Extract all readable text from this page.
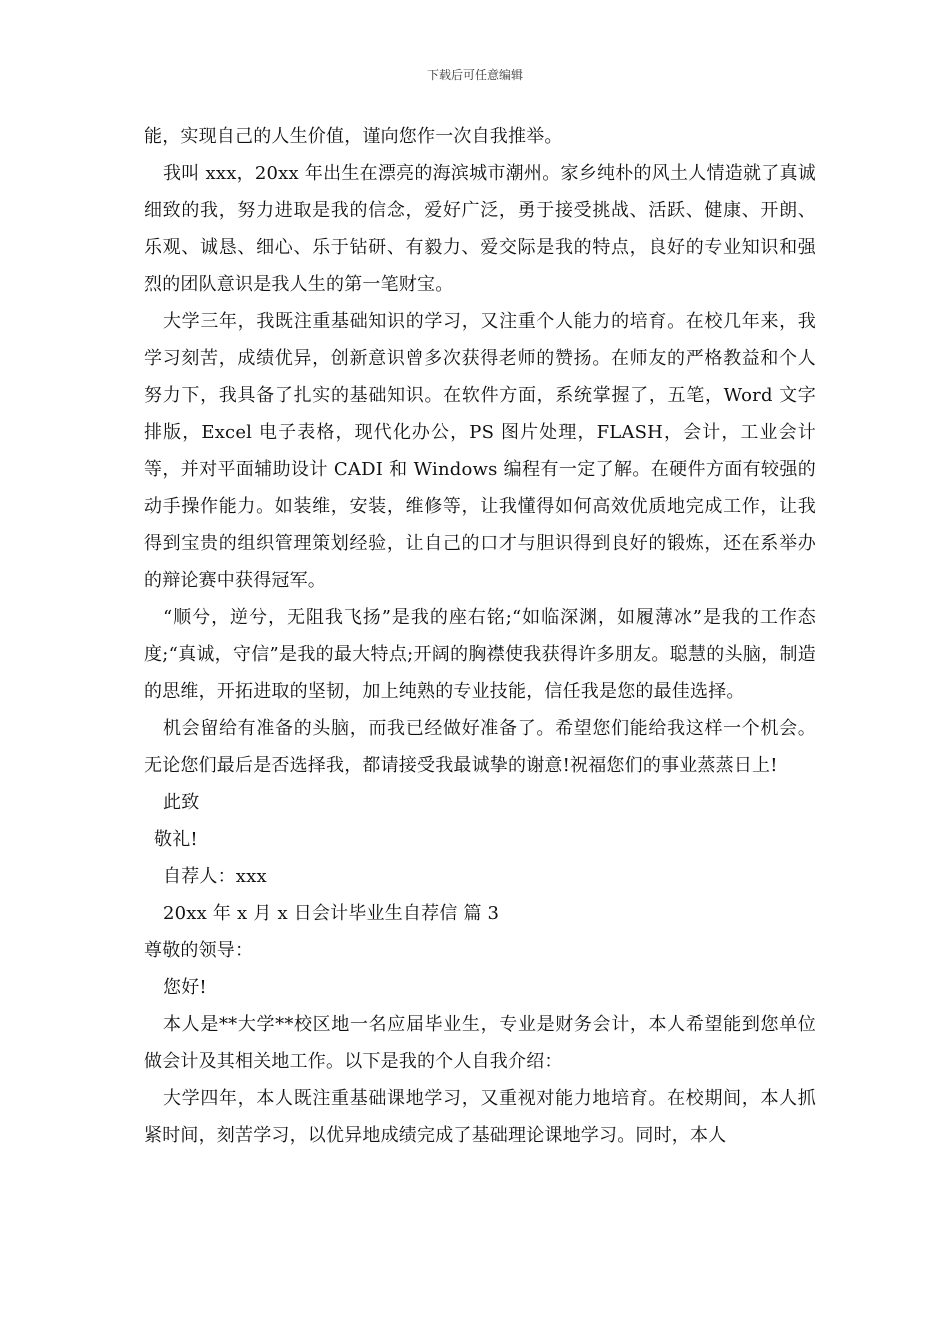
下载后可任意编辑

能，实现自己的人生价值，谨向您作一次自我推举。

我叫 xxx，20xx 年出生在漂亮的海滨城市潮州。家乡纯朴的风土人情造就了真诚细致的我，努力进取是我的信念，爱好广泛，勇于接受挑战、活跃、健康、开朗、乐观、诚恳、细心、乐于钻研、有毅力、爱交际是我的特点，良好的专业知识和强烈的团队意识是我人生的第一笔财宝。

大学三年，我既注重基础知识的学习，又注重个人能力的培育。在校几年来，我学习刻苦，成绩优异，创新意识曾多次获得老师的赞扬。在师友的严格教益和个人努力下，我具备了扎实的基础知识。在软件方面，系统掌握了，五笔，Word 文字排版，Excel 电子表格，现代化办公，PS 图片处理，FLASH，会计，工业会计等，并对平面辅助设计 CADI 和 Windows 编程有一定了解。在硬件方面有较强的动手操作能力。如装维，安装，维修等，让我懂得如何高效优质地完成工作，让我得到宝贵的组织管理策划经验，让自己的口才与胆识得到良好的锻炼，还在系举办的辩论赛中获得冠军。

“顺兮，逆兮，无阻我飞扬”是我的座右铭;“如临深渊，如履薄冰”是我的工作态度;“真诚，守信”是我的最大特点;开阔的胸襟使我获得许多朋友。聪慧的头脑，制造的思维，开拓进取的坚韧，加上纯熟的专业技能，信任我是您的最佳选择。

机会留给有准备的头脑，而我已经做好准备了。希望您们能给我这样一个机会。无论您们最后是否选择我，都请接受我最诚挚的谢意!祝福您们的事业蒸蒸日上!

此致

敬礼!

自荐人：xxx

20xx 年 x 月 x 日会计毕业生自荐信 篇 3

尊敬的领导：

您好!

本人是**大学**校区地一名应届毕业生，专业是财务会计，本人希望能到您单位做会计及其相关地工作。以下是我的个人自我介绍：

大学四年，本人既注重基础课地学习，又重视对能力地培育。在校期间，本人抓紧时间，刻苦学习，以优异地成绩完成了基础理论课地学习。同时，本人
